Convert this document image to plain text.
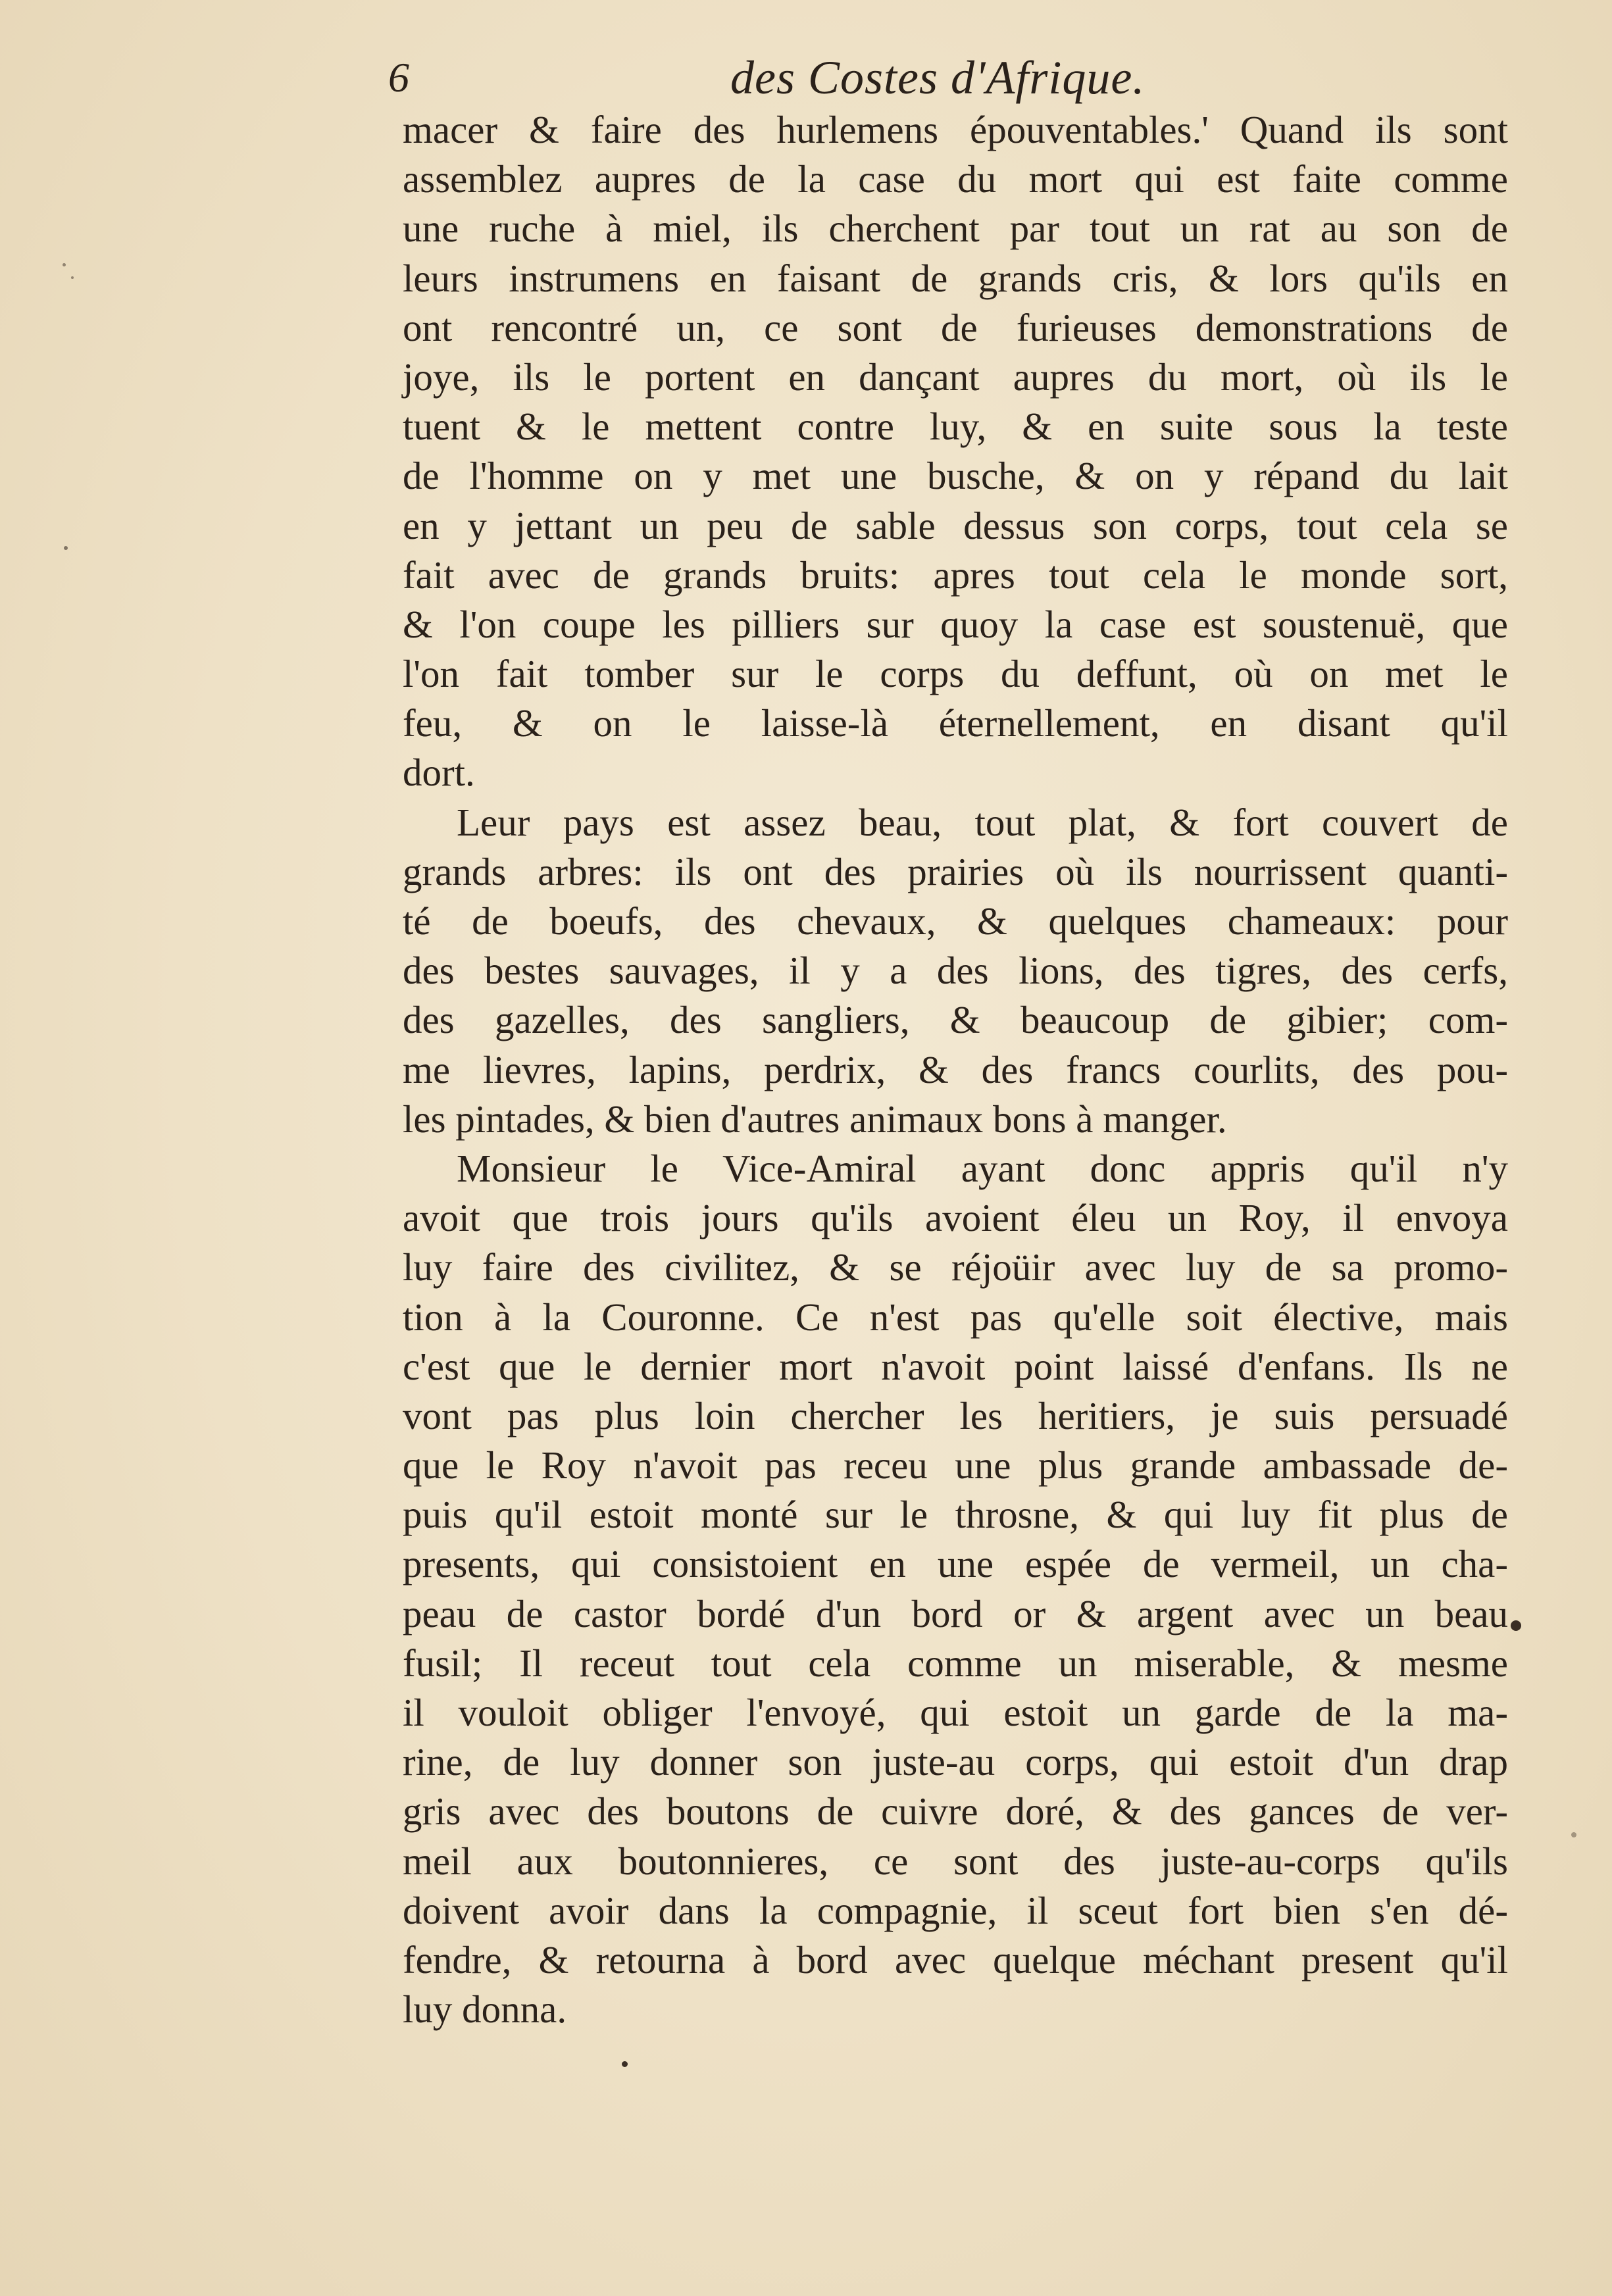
6	des Costes d'Afrique.
macer & faire des hurlemens épouventables.' Quand ils sont
assemblez aupres de la case du mort qui est faite comme
une ruche à miel, ils cherchent par tout un rat au son de
leurs instrumens en faisant de grands cris, & lors qu'ils en
ont rencontré un, ce sont de furieuses demonstrations de
joye, ils le portent en dançant aupres du mort, où ils le
tuent & le mettent contre luy, & en suite sous la teste
de l'homme on y met une busche, & on y répand du lait
en y jettant un peu de sable dessus son corps, tout cela se
fait avec de grands bruits: apres tout cela le monde sort,
& l'on coupe les pilliers sur quoy la case est soustenuë, que
l'on fait tomber sur le corps du deffunt, où on met le
feu, & on le laisse-là éternellement, en disant qu'il
dort.
Leur pays est assez beau, tout plat, & fort couvert de
grands arbres: ils ont des prairies où ils nourrissent quanti-
té de boeufs, des chevaux, & quelques chameaux: pour
des bestes sauvages, il y a des lions, des tigres, des cerfs,
des gazelles, des sangliers, & beaucoup de gibier; com-
me lievres, lapins, perdrix, & des francs courlits, des pou-
les pintades, & bien d'autres animaux bons à manger.
Monsieur le Vice-Amiral ayant donc appris qu'il n'y
avoit que trois jours qu'ils avoient éleu un Roy, il envoya
luy faire des civilitez, & se réjoüir avec luy de sa promo-
tion à la Couronne. Ce n'est pas qu'elle soit élective, mais
c'est que le dernier mort n'avoit point laissé d'enfans. Ils ne
vont pas plus loin chercher les heritiers, je suis persuadé
que le Roy n'avoit pas receu une plus grande ambassade de-
puis qu'il estoit monté sur le throsne, & qui luy fit plus de
presents, qui consistoient en une espée de vermeil, un cha-
peau de castor bordé d'un bord or & argent avec un beau
fusil; Il receut tout cela comme un miserable, & mesme
il vouloit obliger l'envoyé, qui estoit un garde de la ma-
rine, de luy donner son juste-au corps, qui estoit d'un drap
gris avec des boutons de cuivre doré, & des gances de ver-
meil aux boutonnieres, ce sont des juste-au-corps qu'ils
doivent avoir dans la compagnie, il sceut fort bien s'en dé-
fendre, & retourna à bord avec quelque méchant present qu'il
luy donna.
